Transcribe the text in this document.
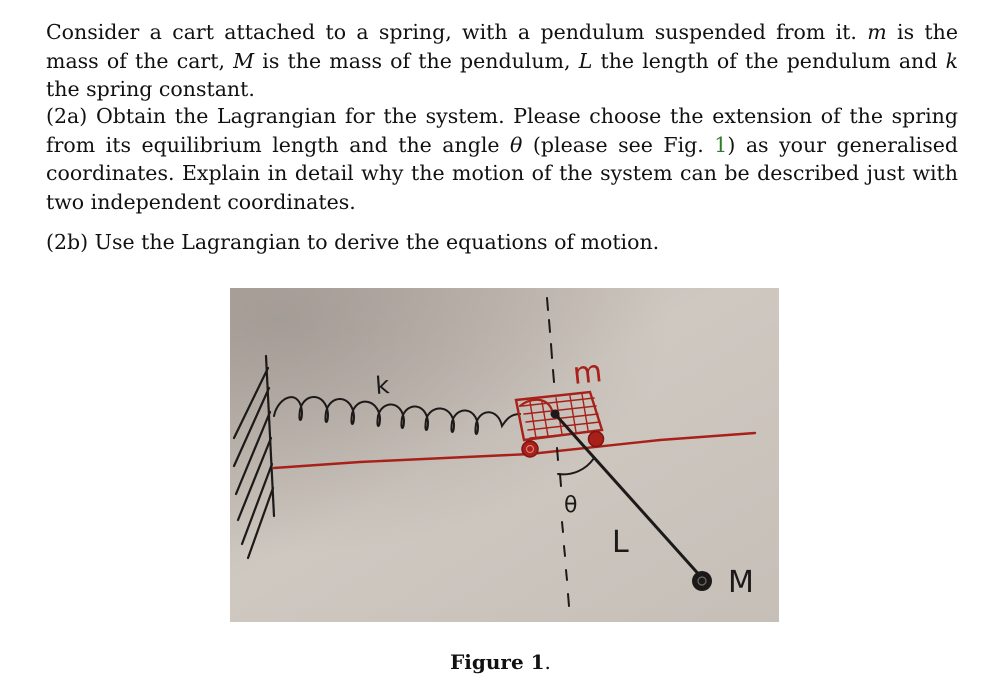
Consider a cart attached to a spring, with a pendulum suspended from it. m is the mass of the cart, M is the mass of the pendulum, L the length of the pendulum and k the spring constant.

(2a) Obtain the Lagrangian for the system. Please choose the extension of the spring from its equilibrium length and the angle θ (please see Fig. 1) as your generalised coordinates. Explain in detail why the motion of the system can be described just with two independent coordinates.

(2b) Use the Lagrangian to derive the equations of motion.

k	m
θ
L
M
Figure 1.
